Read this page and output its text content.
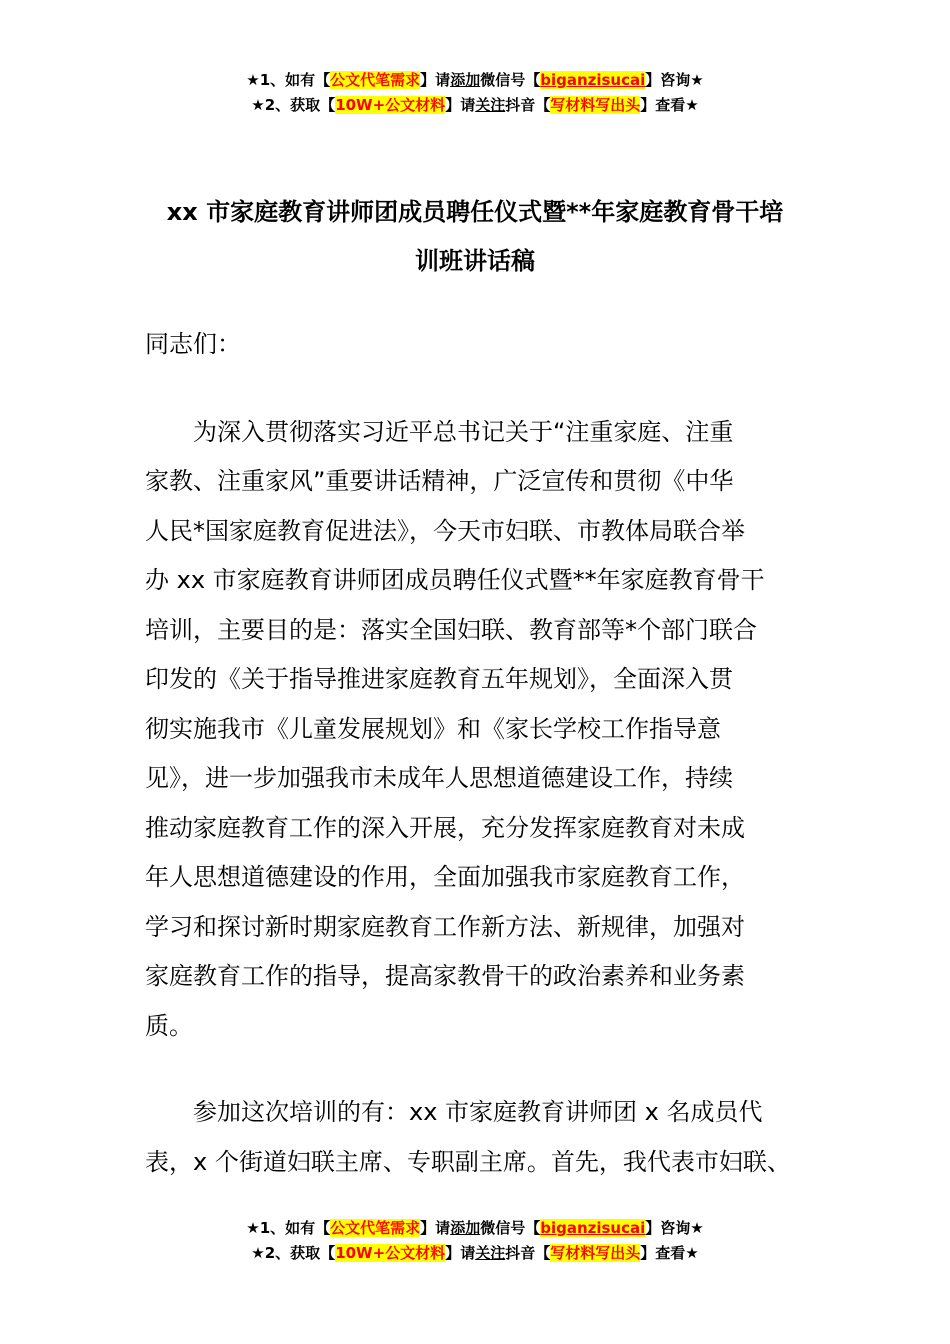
★1、如有【公文代笔需求】请添加微信号【biganzisucai】咨询★
★2、获取【10W+公文材料】请关注抖音【写材料写出头】查看★
xx 市家庭教育讲师团成员聘任仪式暨**年家庭教育骨干培
训班讲话稿
同志们：
为深入贯彻落实习近平总书记关于“注重家庭、注重
家教、注重家风”重要讲话精神，广泛宣传和贯彻《中华
人民*国家庭教育促进法》，今天市妇联、市教体局联合举
办 xx 市家庭教育讲师团成员聘任仪式暨**年家庭教育骨干
培训，主要目的是：落实全国妇联、教育部等*个部门联合
印发的《关于指导推进家庭教育五年规划》，全面深入贯
彻实施我市《儿童发展规划》和《家长学校工作指导意
见》，进一步加强我市未成年人思想道德建设工作，持续
推动家庭教育工作的深入开展，充分发挥家庭教育对未成
年人思想道德建设的作用，全面加强我市家庭教育工作，
学习和探讨新时期家庭教育工作新方法、新规律，加强对
家庭教育工作的指导，提高家教骨干的政治素养和业务素
质。
参加这次培训的有：xx 市家庭教育讲师团 x 名成员代
表，x 个街道妇联主席、专职副主席。首先，我代表市妇联、
★1、如有【公文代笔需求】请添加微信号【biganzisucai】咨询★
★2、获取【10W+公文材料】请关注抖音【写材料写出头】查看★
